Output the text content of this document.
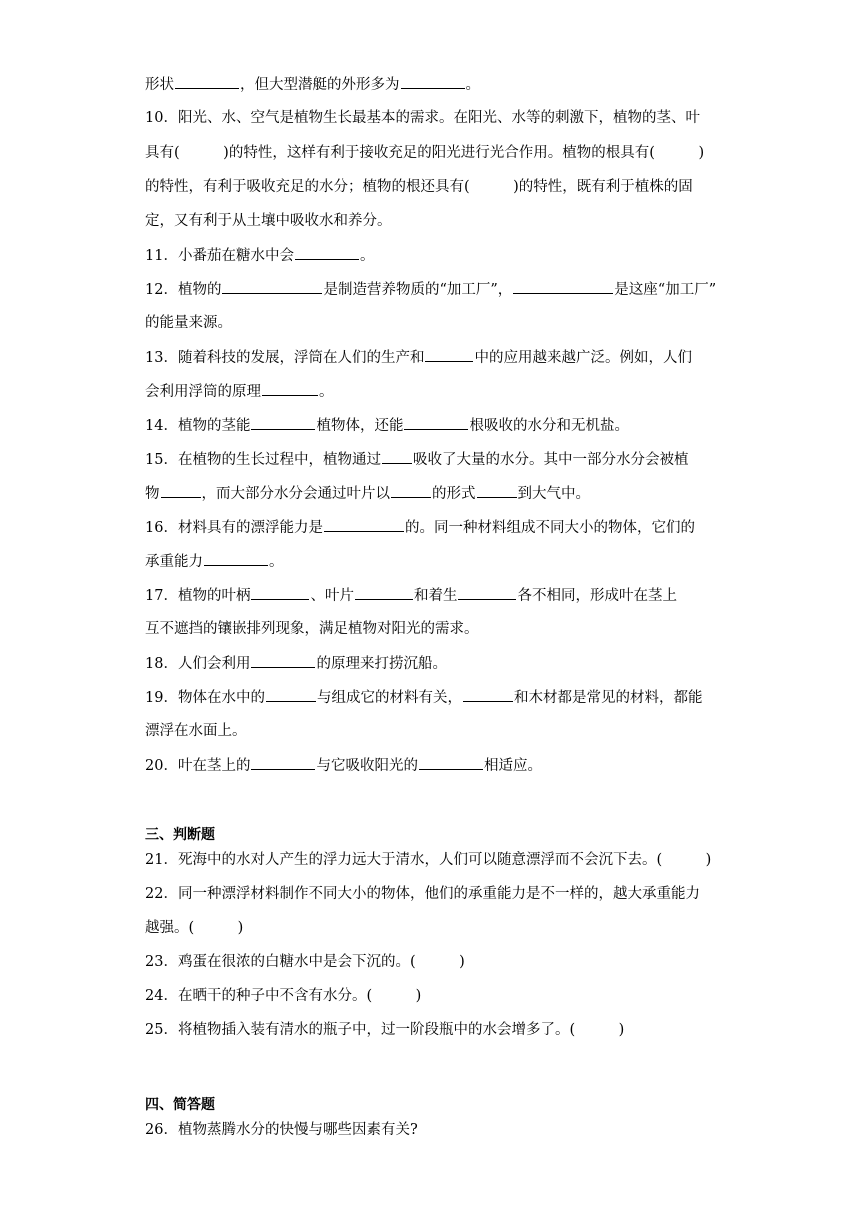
形状	，但大型潜艇的外形多为	。
10．阳光、水、空气是植物生长最基本的需求。在阳光、水等的刺激下，植物的茎、叶
具有(　　　)的特性，这样有利于接收充足的阳光进行光合作用。植物的根具有(　　　)
的特性，有利于吸收充足的水分；植物的根还具有(　　　)的特性，既有利于植株的固
定，又有利于从土壤中吸收水和养分。
11．小番茄在糖水中会	。
12．植物的	是制造营养物质的“加工厂”，	是这座“加工厂”
的能量来源。
13．随着科技的发展，浮筒在人们的生产和	中的应用越来越广泛。例如，人们
会利用浮筒的原理	。
14．植物的茎能	植物体，还能	根吸收的水分和无机盐。
15．在植物的生长过程中，植物通过 吸收了大量的水分。其中一部分水分会被植
物	，而大部分水分会通过叶片以	的形式	到大气中。
16．材料具有的漂浮能力是	的。同一种材料组成不同大小的物体，它们的
承重能力	。
17．植物的叶柄	、叶片	和着生	各不相同，形成叶在茎上
互不遮挡的镶嵌排列现象，满足植物对阳光的需求。
18．人们会利用	的原理来打捞沉船。
19．物体在水中的	与组成它的材料有关，	和木材都是常见的材料，都能
漂浮在水面上。
20．叶在茎上的	与它吸收阳光的	相适应。
三、判断题
21．死海中的水对人产生的浮力远大于清水，人们可以随意漂浮而不会沉下去。(　　　)
22．同一种漂浮材料制作不同大小的物体，他们的承重能力是不一样的，越大承重能力
越强。(　　　)
23．鸡蛋在很浓的白糖水中是会下沉的。(　　　)
24．在晒干的种子中不含有水分。(　　　)
25．将植物插入装有清水的瓶子中，过一阶段瓶中的水会增多了。(　　　)
四、简答题
26．植物蒸腾水分的快慢与哪些因素有关?
